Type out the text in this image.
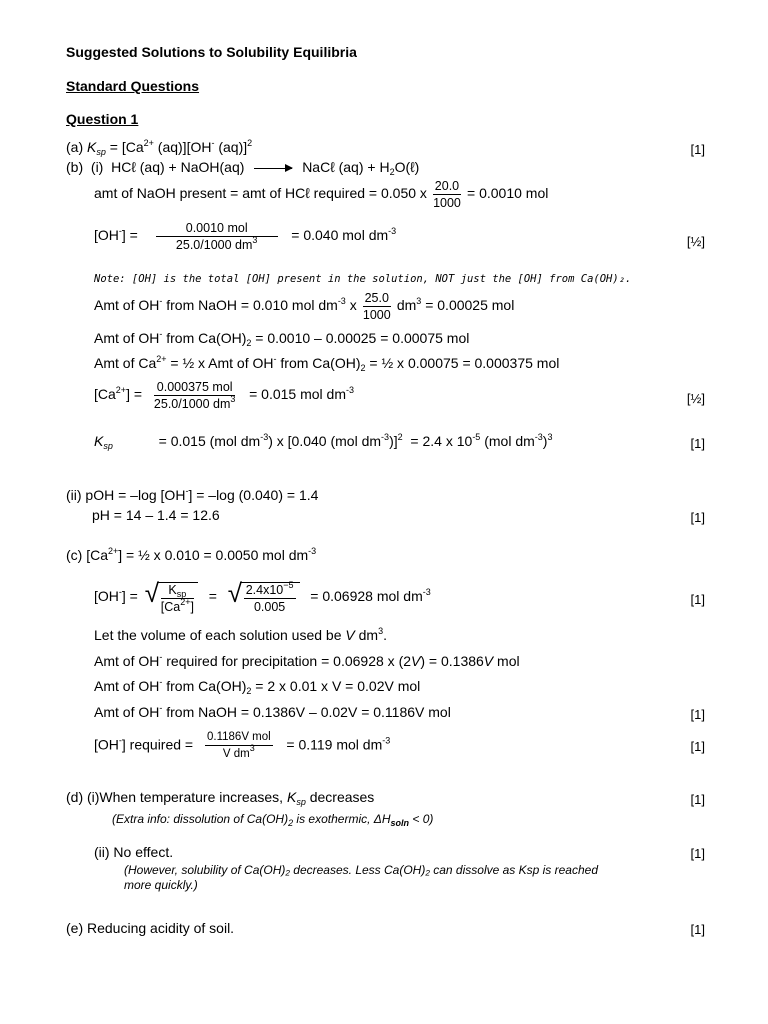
Suggested Solutions to Solubility Equilibria
Standard Questions
Question 1
(a) $K_{sp} = [Ca^{2+}$ (aq)][OH- (aq)]$^2$	[1]
(b) (i) HCℓ (aq) + NaOH(aq) → NaCℓ $(aq) + H_2O(\ell)$
amt of NaOH present = amt of HCℓ required = 0.050 x $\frac{20.0}{1000} = 0.0010$ mol
$[OH^-] = \frac{\text{0.0010 mol}}{25.0/1000 dm^3} = 0.040$ mol $dm^{-3}$
[½]
Note: [OH] is the total [OH] present in the solution, NOT just the [OH] from Ca(OH)₂.
Amt of OH- from NaOH = 0.010 mol $dm^{-3}$ x $\frac{25.0}{1000} dm^3 = 0.00025$ mol
Amt of OH- from $Ca(OH)_2 = 0.0010 - 0.00025 = 0.00075$ mol
Amt of $Ca^{2+}$ = ½ x Amt of OH- from $Ca(OH)_2$ = ½ x 0.00075 = 0.000375 mol
$[Ca^{2+}] = \frac{\text{0.000375 mol}}{25.0/1000 dm^3} = 0.015$ mol $dm^{-3}$
[½]
$K_{sp}$	= 0.015 (mol $dm^{-3}$) x [0.040 (mol $dm^{-3})]^2 = 2.4$ x $10^{-5}$ (mol $dm^{-3})^3$	[1]
(ii) pOH = –log [OH-] = –log (0.040) = 1.4
pH = 14 – 1.4 = 12.6	[1]
(c) $[Ca^{2+}]$ = ½ x 0.010 = 0.0050 mol $dm^{-3}$
[OH-] = √ $\frac{K_{sp}}{[Ca^{2+}]}$ = √ $\frac{2.4x10^{-5}}{0.005} = 0.06928$ mol $dm^{-3}$	[1]
Let the volume of each solution used be V $dm^3$.
Amt of OH- required for precipitation = 0.06928 x (2V) = 0.1386V mol
Amt of OH- from $Ca(OH)_2 = 2$ x 0.01 x V = 0.02V mol
Amt of OH- from NaOH = 0.1386V – 0.02V = 0.1186V mol	[1]
[OH-] required = $\frac{\text{0.1186V mol}}{V dm^3} = 0.119$ mol $dm^{-3}$	[1]
(d) (i)When temperature increases, $K_{sp}$ decreases	[1]
(Extra info: dissolution of $Ca(OH)_2$ is exothermic, $\Delta H_{soln} < 0$)
(ii) No effect.	[1]
(However, solubility of Ca(OH)₂ decreases. Less Ca(OH)₂ can dissolve as Ksp is reached
more quickly.)
(e) Reducing acidity of soil.	[1]
